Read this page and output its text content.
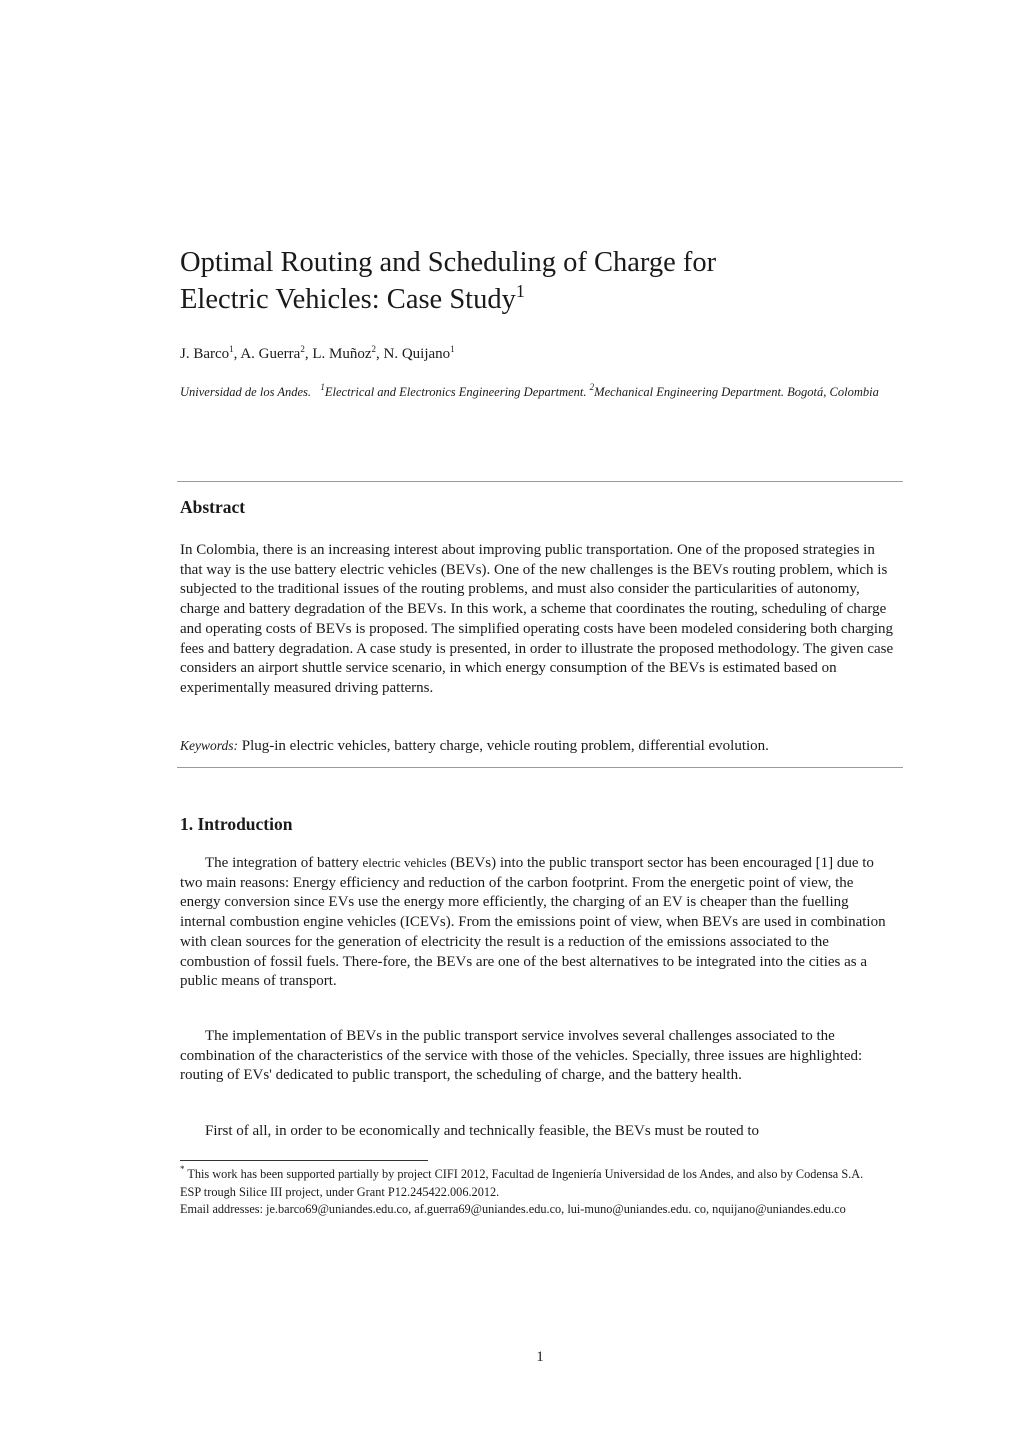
Optimal Routing and Scheduling of Charge for
Electric Vehicles: Case Study$^1$

J. Barco$^1$, A. Guerra$^2$, L. Muñoz$^2$, N. Quijano$^1$

Universidad de los Andes. $^1$Electrical and Electronics Engineering Department. $^2$Mechanical Engineering Department. Bogotá, Colombia

Abstract

In Colombia, there is an increasing interest about improving public transportation. One of the proposed strategies in that way is the use battery electric vehicles (BEVs). One of the new challenges is the BEVs routing problem, which is subjected to the traditional issues of the routing problems, and must also consider the particularities of autonomy, charge and battery degradation of the BEVs. In this work, a scheme that coordinates the routing, scheduling of charge and operating costs of BEVs is proposed. The simplified operating costs have been modeled considering both charging fees and battery degradation. A case study is presented, in order to illustrate the proposed methodology. The given case considers an airport shuttle service scenario, in which energy consumption of the BEVs is estimated based on experimentally measured driving patterns.

Keywords: Plug-in electric vehicles, battery charge, vehicle routing problem, differential evolution.

1. Introduction

The integration of battery electric vehicles (BEVs) into the public transport sector has been encouraged [1] due to two main reasons: Energy efficiency and reduction of the carbon footprint. From the energetic point of view, the energy conversion since EVs use the energy more efficiently, the charging of an EV is cheaper than the fuelling internal combustion engine vehicles (ICEVs). From the emissions point of view, when BEVs are used in combination with clean sources for the generation of electricity the result is a reduction of the emissions associated to the combustion of fossil fuels. There-fore, the BEVs are one of the best alternatives to be integrated into the cities as a public means of transport.

The implementation of BEVs in the public transport service involves several challenges associated to the combination of the characteristics of the service with those of the vehicles. Specially, three issues are highlighted: routing of EVs' dedicated to public transport, the scheduling of charge, and the battery health.

First of all, in order to be economically and technically feasible, the BEVs must be routed to

* This work has been supported partially by project CIFI 2012, Facultad de Ingeniería Universidad de los Andes, and also by Codensa S.A. ESP trough Silice III project, under Grant P12.245422.006.2012.
Email addresses: je.barco69@uniandes.edu.co, af.guerra69@uniandes.edu.co, lui-muno@uniandes.edu. co, nquijano@uniandes.edu.co

1
